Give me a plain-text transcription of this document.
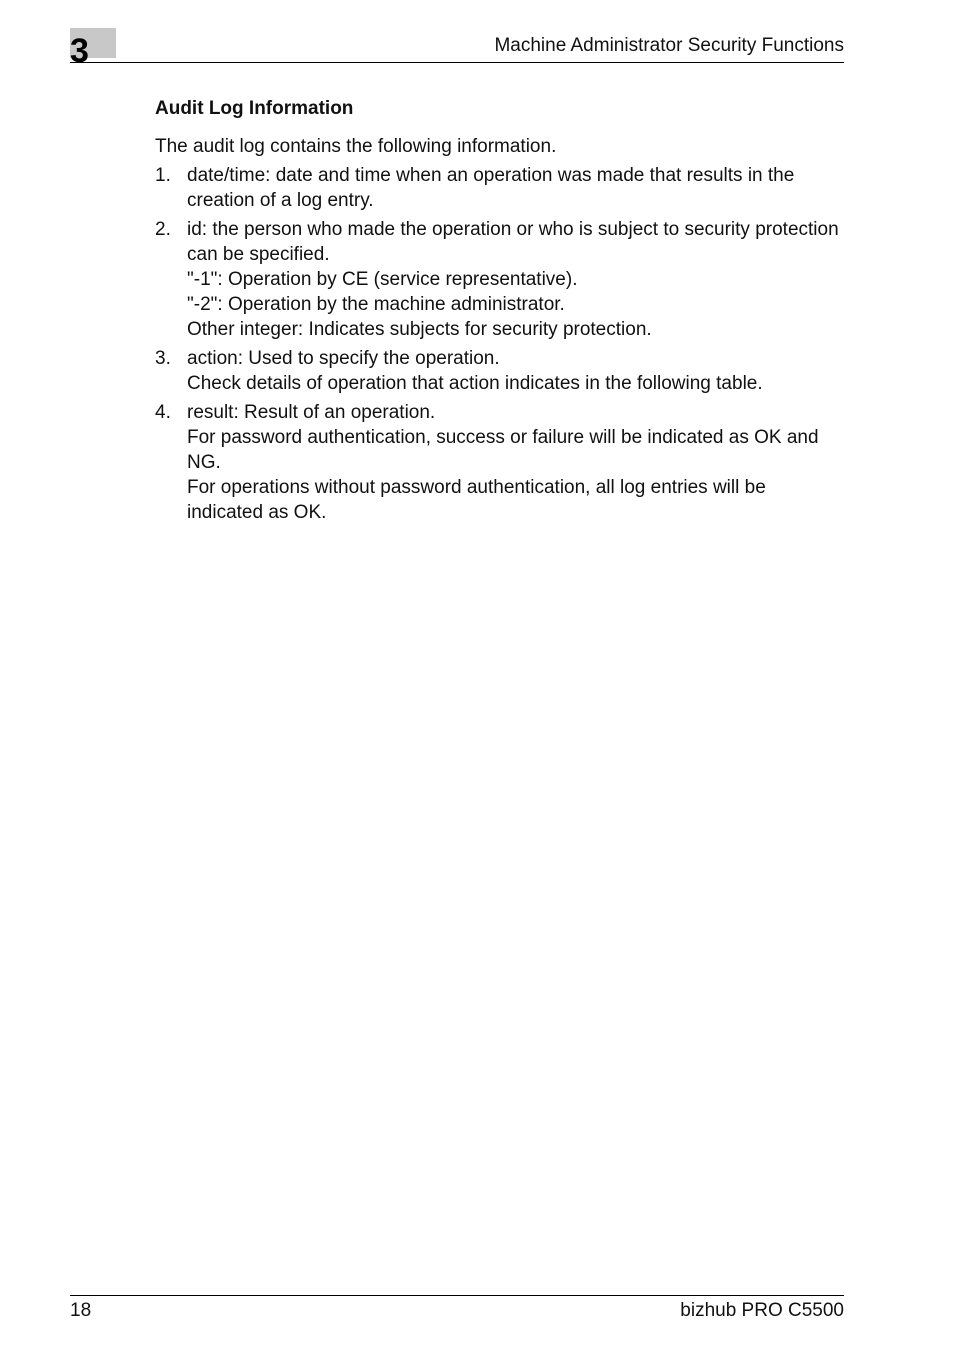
3	Machine Administrator Security Functions
Audit Log Information

The audit log contains the following information.

1. date/time: date and time when an operation was made that results in the creation of a log entry.
2. id: the person who made the operation or who is subject to security protection can be specified.
"-1": Operation by CE (service representative).
"-2": Operation by the machine administrator.
Other integer: Indicates subjects for security protection.
3. action: Used to specify the operation.
Check details of operation that action indicates in the following table.
4. result: Result of an operation.
For password authentication, success or failure will be indicated as OK and NG.
For operations without password authentication, all log entries will be indicated as OK.
18	bizhub PRO C5500
